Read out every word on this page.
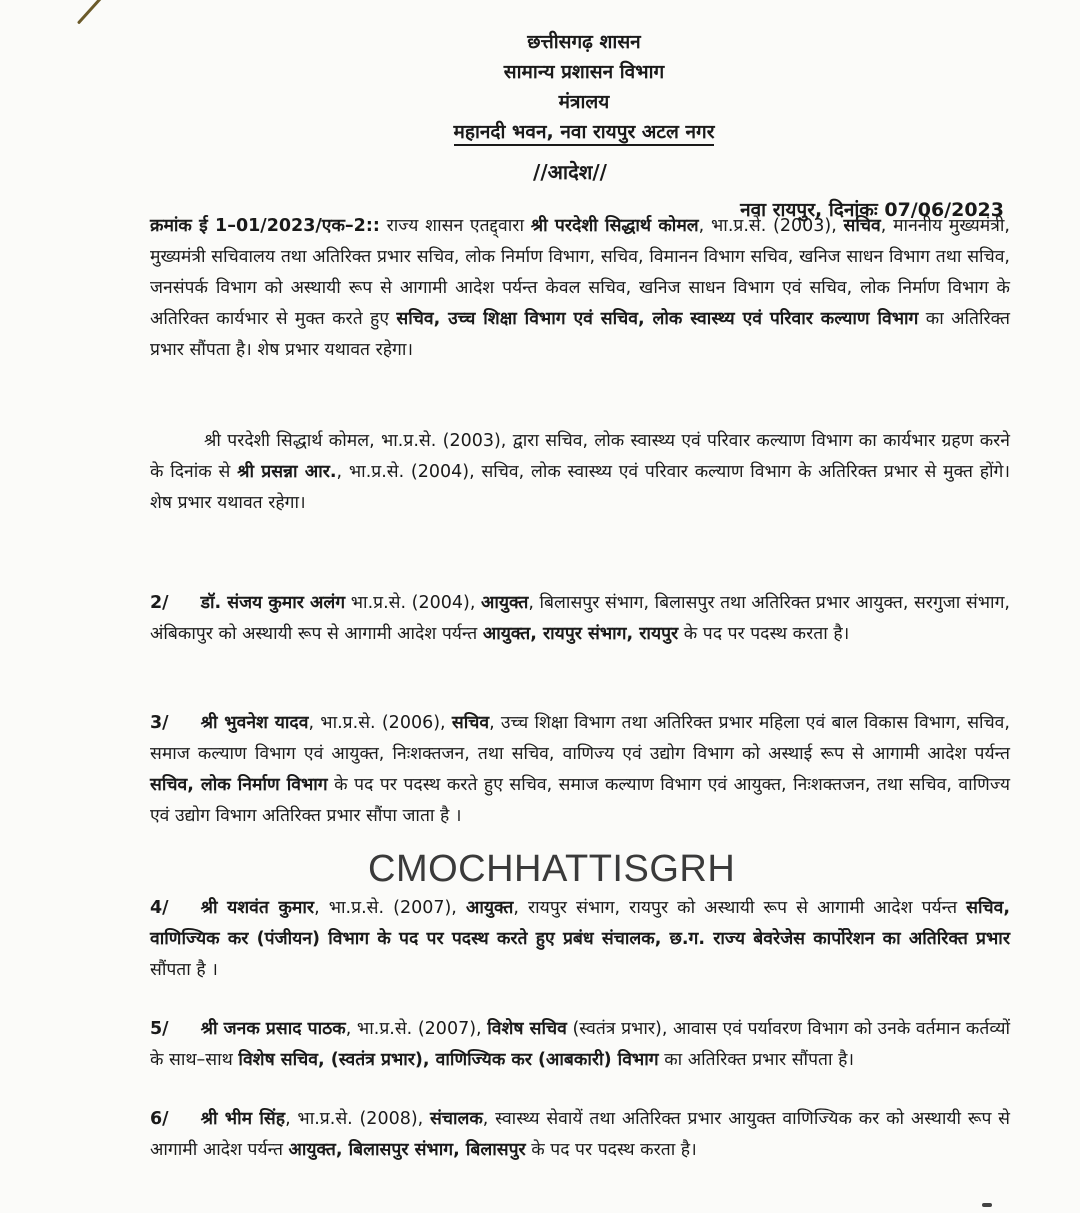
छत्तीसगढ़ शासन
सामान्य प्रशासन विभाग
मंत्रालय
महानदी भवन, नवा रायपुर अटल नगर
//आदेश//
नवा रायपुर, दिनांकः 07/06/2023
क्रमांक ई 1–01/2023/एक–2:: राज्य शासन एतद्द्वारा श्री परदेशी सिद्धार्थ कोमल, भा.प्र.से. (2003), सचिव, माननीय मुख्यमंत्री, मुख्यमंत्री सचिवालय तथा अतिरिक्त प्रभार सचिव, लोक निर्माण विभाग, सचिव, विमानन विभाग सचिव, खनिज साधन विभाग तथा सचिव, जनसंपर्क विभाग को अस्थायी रूप से आगामी आदेश पर्यन्त केवल सचिव, खनिज साधन विभाग एवं सचिव, लोक निर्माण विभाग के अतिरिक्त कार्यभार से मुक्त करते हुए सचिव, उच्च शिक्षा विभाग एवं सचिव, लोक स्वास्थ्य एवं परिवार कल्याण विभाग का अतिरिक्त प्रभार सौंपता है। शेष प्रभार यथावत रहेगा।
श्री परदेशी सिद्धार्थ कोमल, भा.प्र.से. (2003), द्वारा सचिव, लोक स्वास्थ्य एवं परिवार कल्याण विभाग का कार्यभार ग्रहण करने के दिनांक से श्री प्रसन्ना आर., भा.प्र.से. (2004), सचिव, लोक स्वास्थ्य एवं परिवार कल्याण विभाग के अतिरिक्त प्रभार से मुक्त होंगे। शेष प्रभार यथावत रहेगा।
2/ डॉ. संजय कुमार अलंग भा.प्र.से. (2004), आयुक्त, बिलासपुर संभाग, बिलासपुर तथा अतिरिक्त प्रभार आयुक्त, सरगुजा संभाग, अंबिकापुर को अस्थायी रूप से आगामी आदेश पर्यन्त आयुक्त, रायपुर संभाग, रायपुर के पद पर पदस्थ करता है।
3/ श्री भुवनेश यादव, भा.प्र.से. (2006), सचिव, उच्च शिक्षा विभाग तथा अतिरिक्त प्रभार महिला एवं बाल विकास विभाग, सचिव, समाज कल्याण विभाग एवं आयुक्त, निःशक्तजन, तथा सचिव, वाणिज्य एवं उद्योग विभाग को अस्थाई रूप से आगामी आदेश पर्यन्त सचिव, लोक निर्माण विभाग के पद पर पदस्थ करते हुए सचिव, समाज कल्याण विभाग एवं आयुक्त, निःशक्तजन, तथा सचिव, वाणिज्य एवं उद्योग विभाग अतिरिक्त प्रभार सौंपा जाता है ।
CMOCHHATTISGRH
4/ श्री यशवंत कुमार, भा.प्र.से. (2007), आयुक्त, रायपुर संभाग, रायपुर को अस्थायी रूप से आगामी आदेश पर्यन्त सचिव, वाणिज्यिक कर (पंजीयन) विभाग के पद पर पदस्थ करते हुए प्रबंध संचालक, छ.ग. राज्य बेवरेजेस कार्पोरेशन का अतिरिक्त प्रभार सौंपता है ।
5/ श्री जनक प्रसाद पाठक, भा.प्र.से. (2007), विशेष सचिव (स्वतंत्र प्रभार), आवास एवं पर्यावरण विभाग को उनके वर्तमान कर्तव्यों के साथ–साथ विशेष सचिव, (स्वतंत्र प्रभार), वाणिज्यिक कर (आबकारी) विभाग का अतिरिक्त प्रभार सौंपता है।
6/ श्री भीम सिंह, भा.प्र.से. (2008), संचालक, स्वास्थ्य सेवायें तथा अतिरिक्त प्रभार आयुक्त वाणिज्यिक कर को अस्थायी रूप से आगामी आदेश पर्यन्त आयुक्त, बिलासपुर संभाग, बिलासपुर के पद पर पदस्थ करता है।
